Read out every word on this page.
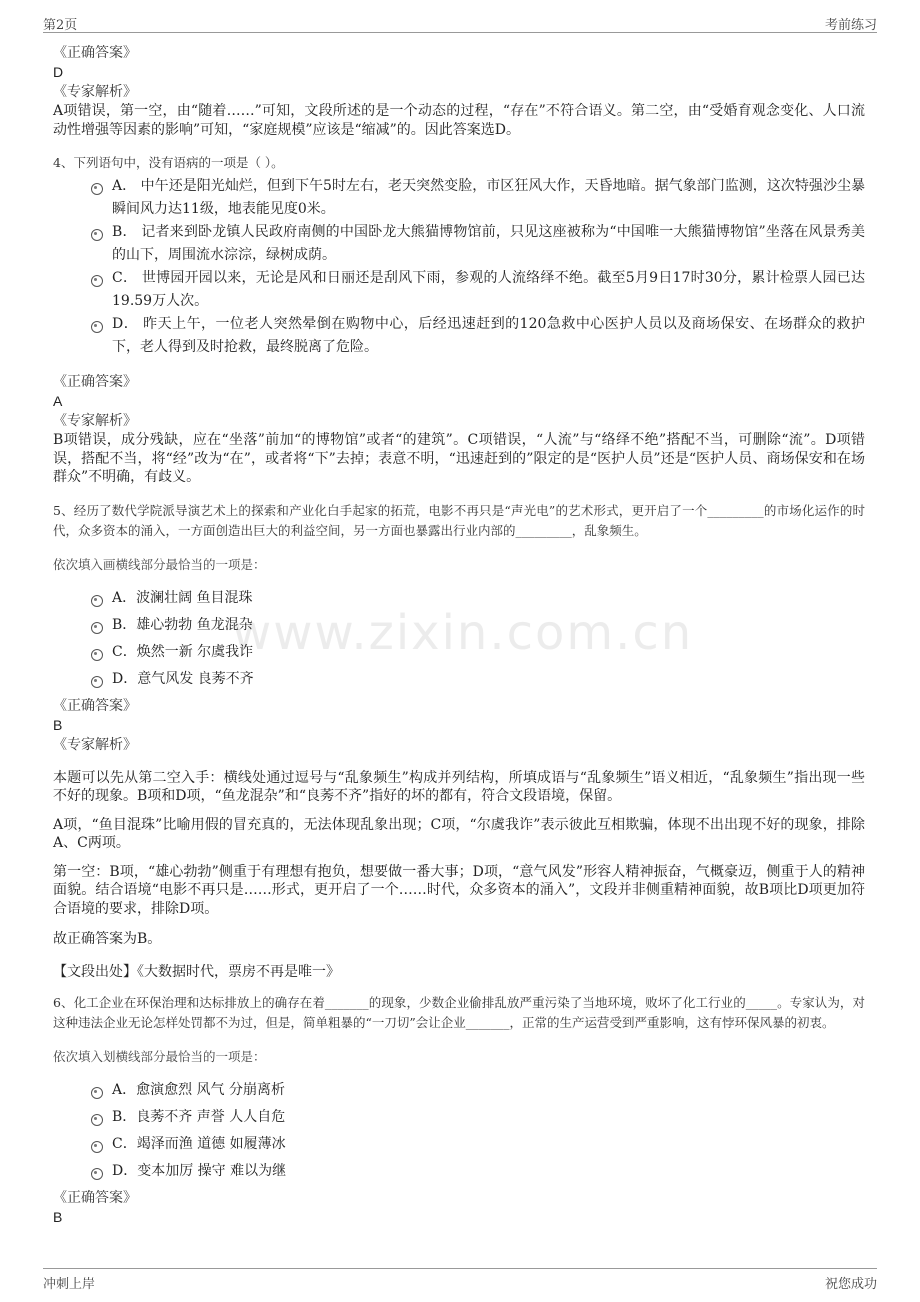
第2页	考前练习
www.zixin.com.cn
《正确答案》
D
《专家解析》
A项错误，第一空，由“随着……”可知，文段所述的是一个动态的过程，“存在”不符合语义。第二空，由“受婚育观念变化、人口流动性增强等因素的影响”可知，“家庭规模”应该是“缩减”的。因此答案选D。
4、下列语句中，没有语病的一项是（ ）。
A． 中午还是阳光灿烂，但到下午5时左右，老天突然变脸，市区狂风大作，天昏地暗。据气象部门监测，这次特强沙尘暴瞬间风力达11级，地表能见度0米。
B． 记者来到卧龙镇人民政府南侧的中国卧龙大熊猫博物馆前，只见这座被称为“中国唯一大熊猫博物馆”坐落在风景秀美的山下，周围流水淙淙，绿树成荫。
C． 世博园开园以来，无论是风和日丽还是刮风下雨，参观的人流络绎不绝。截至5月9日17时30分，累计检票人园已达19.59万人次。
D． 昨天上午，一位老人突然晕倒在购物中心，后经迅速赶到的120急救中心医护人员以及商场保安、在场群众的救护下，老人得到及时抢救，最终脱离了危险。
《正确答案》
A
《专家解析》
B项错误，成分残缺，应在“坐落”前加“的博物馆”或者“的建筑”。C项错误，“人流”与“络绎不绝”搭配不当，可删除“流”。D项错误，搭配不当，将“经”改为“在”，或者将“下”去掉；表意不明，“迅速赶到的”限定的是“医护人员”还是“医护人员、商场保安和在场群众”不明确，有歧义。
5、经历了数代学院派导演艺术上的探索和产业化白手起家的拓荒，电影不再只是“声光电”的艺术形式，更开启了一个_________的市场化运作的时代，众多资本的涌入，一方面创造出巨大的利益空间，另一方面也暴露出行业内部的_________，乱象频生。
依次填入画横线部分最恰当的一项是：
A．波澜壮阔 鱼目混珠
B．雄心勃勃 鱼龙混杂
C．焕然一新 尔虞我诈
D．意气风发 良莠不齐
《正确答案》
B
《专家解析》
本题可以先从第二空入手：横线处通过逗号与“乱象频生”构成并列结构，所填成语与“乱象频生”语义相近，“乱象频生”指出现一些不好的现象。B项和D项，“鱼龙混杂”和“良莠不齐”指好的坏的都有，符合文段语境，保留。
A项，“鱼目混珠”比喻用假的冒充真的，无法体现乱象出现；C项，“尔虞我诈”表示彼此互相欺骗，体现不出出现不好的现象，排除A、C两项。
第一空：B项，“雄心勃勃”侧重于有理想有抱负，想要做一番大事；D项，“意气风发”形容人精神振奋，气概豪迈，侧重于人的精神面貌。结合语境“电影不再只是……形式，更开启了一个……时代，众多资本的涌入”，文段并非侧重精神面貌，故B项比D项更加符合语境的要求，排除D项。
故正确答案为B。
【文段出处】《大数据时代，票房不再是唯一》
6、化工企业在环保治理和达标排放上的确存在着_______的现象，少数企业偷排乱放严重污染了当地环境，败坏了化工行业的_____。专家认为，对这种违法企业无论怎样处罚都不为过，但是，简单粗暴的“一刀切”会让企业_______，正常的生产运营受到严重影响，这有悖环保风暴的初衷。
依次填入划横线部分最恰当的一项是：
A．愈演愈烈 风气 分崩离析
B．良莠不齐 声誉 人人自危
C．竭泽而渔 道德 如履薄冰
D．变本加厉 操守 难以为继
《正确答案》
B
冲刺上岸	祝您成功
